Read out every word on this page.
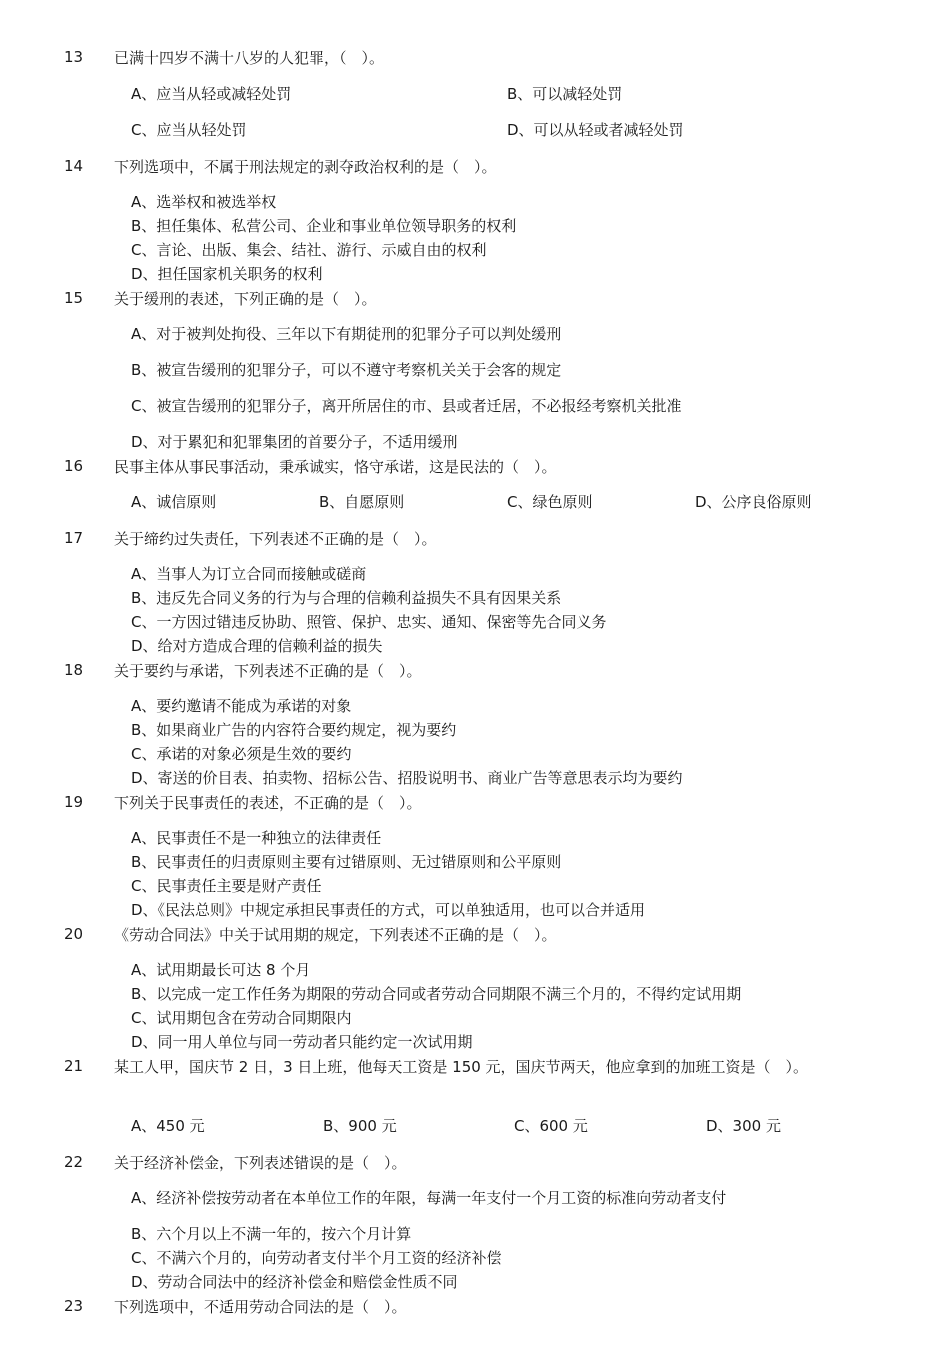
13 已满十四岁不满十八岁的人犯罪，（　）。
A、应当从轻或减轻处罚	B、可以减轻处罚
C、应当从轻处罚	D、可以从轻或者减轻处罚
14 下列选项中，不属于刑法规定的剥夺政治权利的是（　）。
A、选举权和被选举权
B、担任集体、私营公司、企业和事业单位领导职务的权利
C、言论、出版、集会、结社、游行、示威自由的权利
D、担任国家机关职务的权利
15 关于缓刑的表述，下列正确的是（　）。
A、对于被判处拘役、三年以下有期徒刑的犯罪分子可以判处缓刑
B、被宣告缓刑的犯罪分子，可以不遵守考察机关关于会客的规定
C、被宣告缓刑的犯罪分子，离开所居住的市、县或者迁居，不必报经考察机关批准
D、对于累犯和犯罪集团的首要分子，不适用缓刑
16 民事主体从事民事活动，秉承诚实，恪守承诺，这是民法的（　）。
A、诚信原则	B、自愿原则	C、绿色原则	D、公序良俗原则
17 关于缔约过失责任，下列表述不正确的是（　）。
A、当事人为订立合同而接触或磋商
B、违反先合同义务的行为与合理的信赖利益损失不具有因果关系
C、一方因过错违反协助、照管、保护、忠实、通知、保密等先合同义务
D、给对方造成合理的信赖利益的损失
18 关于要约与承诺，下列表述不正确的是（　）。
A、要约邀请不能成为承诺的对象
B、如果商业广告的内容符合要约规定，视为要约
C、承诺的对象必须是生效的要约
D、寄送的价目表、拍卖物、招标公告、招股说明书、商业广告等意思表示均为要约
19 下列关于民事责任的表述，不正确的是（　）。
A、民事责任不是一种独立的法律责任
B、民事责任的归责原则主要有过错原则、无过错原则和公平原则
C、民事责任主要是财产责任
D、《民法总则》中规定承担民事责任的方式，可以单独适用，也可以合并适用
20 《劳动合同法》中关于试用期的规定，下列表述不正确的是（　）。
A、试用期最长可达 8 个月
B、以完成一定工作任务为期限的劳动合同或者劳动合同期限不满三个月的，不得约定试用期
C、试用期包含在劳动合同期限内
D、同一用人单位与同一劳动者只能约定一次试用期
21 某工人甲，国庆节 2 日，3 日上班，他每天工资是 150 元，国庆节两天，他应拿到的加班工资是（　）。
A、450 元	B、900 元	C、600 元	D、300 元
22 关于经济补偿金，下列表述错误的是（　）。
A、经济补偿按劳动者在本单位工作的年限，每满一年支付一个月工资的标准向劳动者支付
B、六个月以上不满一年的，按六个月计算
C、不满六个月的，向劳动者支付半个月工资的经济补偿
D、劳动合同法中的经济补偿金和赔偿金性质不同
23 下列选项中，不适用劳动合同法的是（　）。
